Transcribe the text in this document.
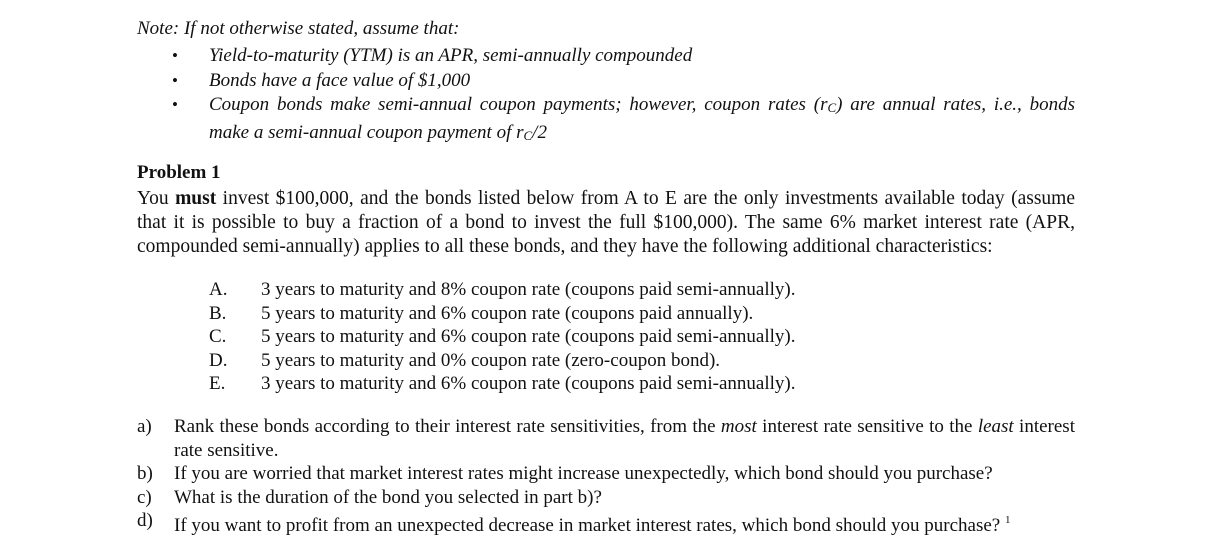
Note: If not otherwise stated, assume that:
• Yield-to-maturity (YTM) is an APR, semi-annually compounded
• Bonds have a face value of $1,000
• Coupon bonds make semi-annual coupon payments; however, coupon rates (rC) are annual rates, i.e., bonds make a semi-annual coupon payment of rC/2
Problem 1
You must invest $100,000, and the bonds listed below from A to E are the only investments available today (assume that it is possible to buy a fraction of a bond to invest the full $100,000). The same 6% market interest rate (APR, compounded semi-annually) applies to all these bonds, and they have the following additional characteristics:
A. 3 years to maturity and 8% coupon rate (coupons paid semi-annually).
B. 5 years to maturity and 6% coupon rate (coupons paid annually).
C. 5 years to maturity and 6% coupon rate (coupons paid semi-annually).
D. 5 years to maturity and 0% coupon rate (zero-coupon bond).
E. 3 years to maturity and 6% coupon rate (coupons paid semi-annually).
a) Rank these bonds according to their interest rate sensitivities, from the most interest rate sensitive to the least interest rate sensitive.
b) If you are worried that market interest rates might increase unexpectedly, which bond should you purchase?
c) What is the duration of the bond you selected in part b)?
d) If you want to profit from an unexpected decrease in market interest rates, which bond should you purchase? $^1$
